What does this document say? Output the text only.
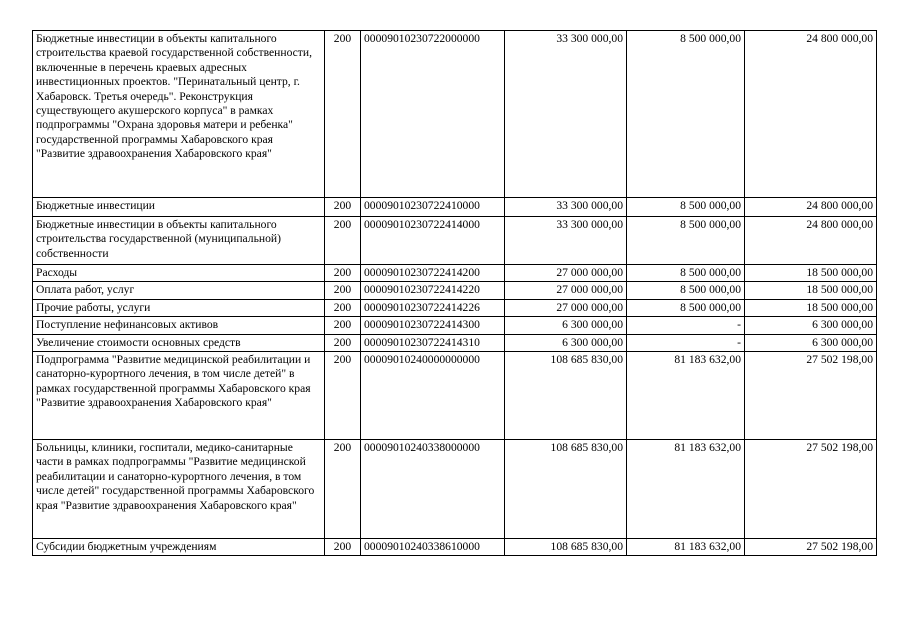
Бюджетные инвестиции в объекты капитального строительства краевой государственной собственности, включенные в перечень краевых адресных инвестиционных проектов. "Перинатальный центр, г. Хабаровск. Третья очередь". Реконструкция существующего акушерского корпуса" в рамках подпрограммы "Охрана здоровья матери и ребенка" государственной программы Хабаровского края "Развитие здравоохранения Хабаровского края"	200	00009010230722000000	33 300 000,00	8 500 000,00	24 800 000,00
Бюджетные инвестиции	200	00009010230722410000	33 300 000,00	8 500 000,00	24 800 000,00
Бюджетные инвестиции в объекты капитального строительства государственной (муниципальной) собственности	200	00009010230722414000	33 300 000,00	8 500 000,00	24 800 000,00
Расходы	200	00009010230722414200	27 000 000,00	8 500 000,00	18 500 000,00
Оплата работ, услуг	200	00009010230722414220	27 000 000,00	8 500 000,00	18 500 000,00
Прочие работы, услуги	200	00009010230722414226	27 000 000,00	8 500 000,00	18 500 000,00
Поступление нефинансовых активов	200	00009010230722414300	6 300 000,00	-	6 300 000,00
Увеличение стоимости основных средств	200	00009010230722414310	6 300 000,00	-	6 300 000,00
Подпрограмма "Развитие медицинской реабилитации и санаторно-курортного лечения, в том числе детей" в рамках государственной программы Хабаровского края "Развитие здравоохранения Хабаровского края"	200	00009010240000000000	108 685 830,00	81 183 632,00	27 502 198,00
Больницы, клиники, госпитали, медико-санитарные части в рамках подпрограммы "Развитие медицинской реабилитации и санаторно-курортного лечения, в том числе детей" государственной программы Хабаровского края "Развитие здравоохранения Хабаровского края"	200	00009010240338000000	108 685 830,00	81 183 632,00	27 502 198,00
Субсидии бюджетным учреждениям	200	00009010240338610000	108 685 830,00	81 183 632,00	27 502 198,00
